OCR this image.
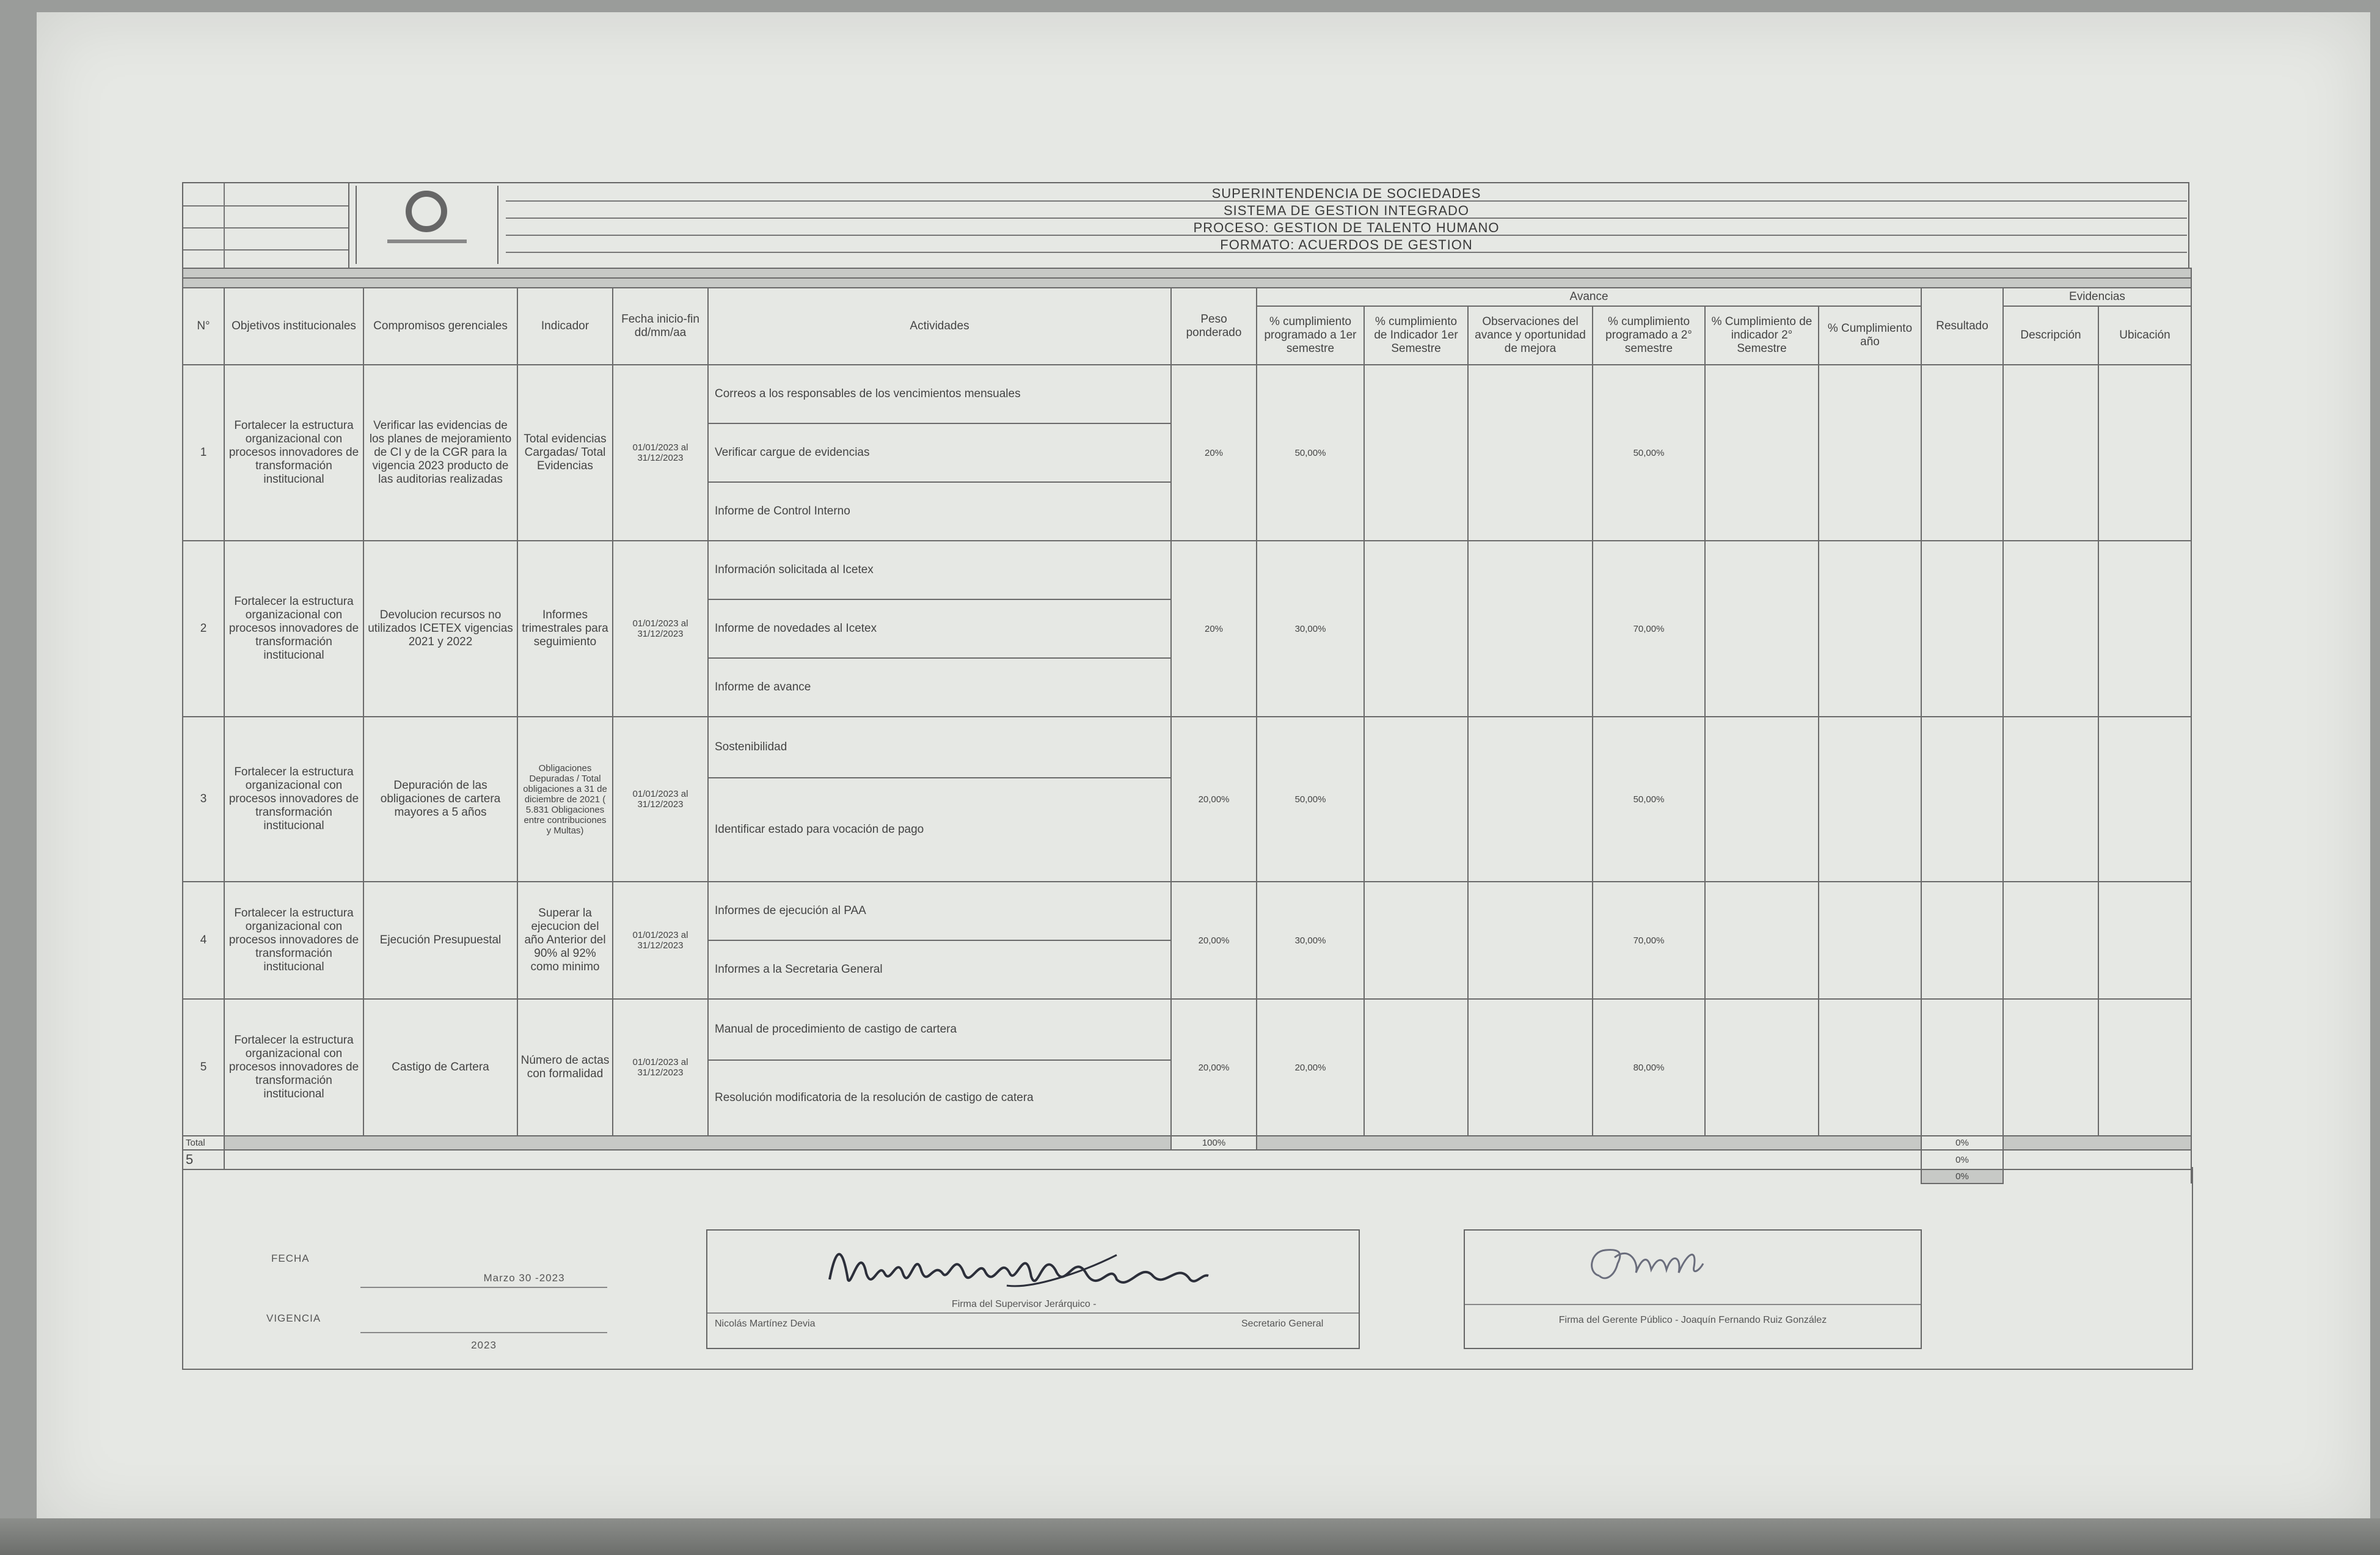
SUPERINTENDENCIA DE SOCIEDADES
SISTEMA DE GESTION INTEGRADO
PROCESO: GESTION DE TALENTO HUMANO
FORMATO: ACUERDOS DE GESTION

N°	Objetivos institucionales	Compromisos gerenciales	Indicador	Fecha inicio-fin dd/mm/aa	Actividades	Peso ponderado	Avance						Resultado	Evidencias	
							% cumplimiento programado a 1er semestre	% cumplimiento de Indicador 1er Semestre	Observaciones del avance y oportunidad de mejora	% cumplimiento programado a 2° semestre	% Cumplimiento de indicador 2° Semestre	% Cumplimiento año		Descripción	Ubicación
1	Fortalecer la estructura organizacional con procesos innovadores de transformación institucional	Verificar las evidencias de los planes de mejoramiento de CI y de la CGR para la vigencia 2023 producto de las auditorias realizadas	Total evidencias Cargadas/ Total Evidencias	01/01/2023 al 31/12/2023	Correos a los responsables de los vencimientos mensuales	20%	50,00%			50,00%					
					Verificar cargue de evidencias										
					Informe de Control Interno										
2	Fortalecer la estructura organizacional con procesos innovadores de transformación institucional	Devolucion recursos no utilizados ICETEX vigencias 2021 y 2022	Informes trimestrales para seguimiento	01/01/2023 al 31/12/2023	Información solicitada al Icetex	20%	30,00%			70,00%					
					Informe de novedades al Icetex										
					Informe de avance										
3	Fortalecer la estructura organizacional con procesos innovadores de transformación institucional	Depuración de las obligaciones de cartera mayores a 5 años	Obligaciones Depuradas / Total obligaciones a 31 de diciembre de 2021 ( 5.831 Obligaciones entre contribuciones y Multas)	01/01/2023 al 31/12/2023	Sostenibilidad	20,00%	50,00%			50,00%					
					Identificar estado para vocación de pago										
4	Fortalecer la estructura organizacional con procesos innovadores de transformación institucional	Ejecución Presupuestal	Superar la ejecucion del año Anterior del 90% al 92% como minimo	01/01/2023 al 31/12/2023	Informes de ejecución al PAA	20,00%	30,00%			70,00%					
					Informes a la Secretaria General										
5	Fortalecer la estructura organizacional con procesos innovadores de transformación institucional	Castigo de Cartera	Número de actas con formalidad	01/01/2023 al 31/12/2023	Manual de procedimiento de castigo de cartera	20,00%	20,00%			80,00%					
					Resolución modificatoria de la resolución de castigo de catera										
Total						100%							0%		
5													0%		
													0%		
FECHA
Marzo 30 -2023
VIGENCIA
2023
Firma del Supervisor Jerárquico -
Nicolás Martínez Devia	Secretario General	Firma del Gerente Público - Joaquín Fernando Ruiz González
